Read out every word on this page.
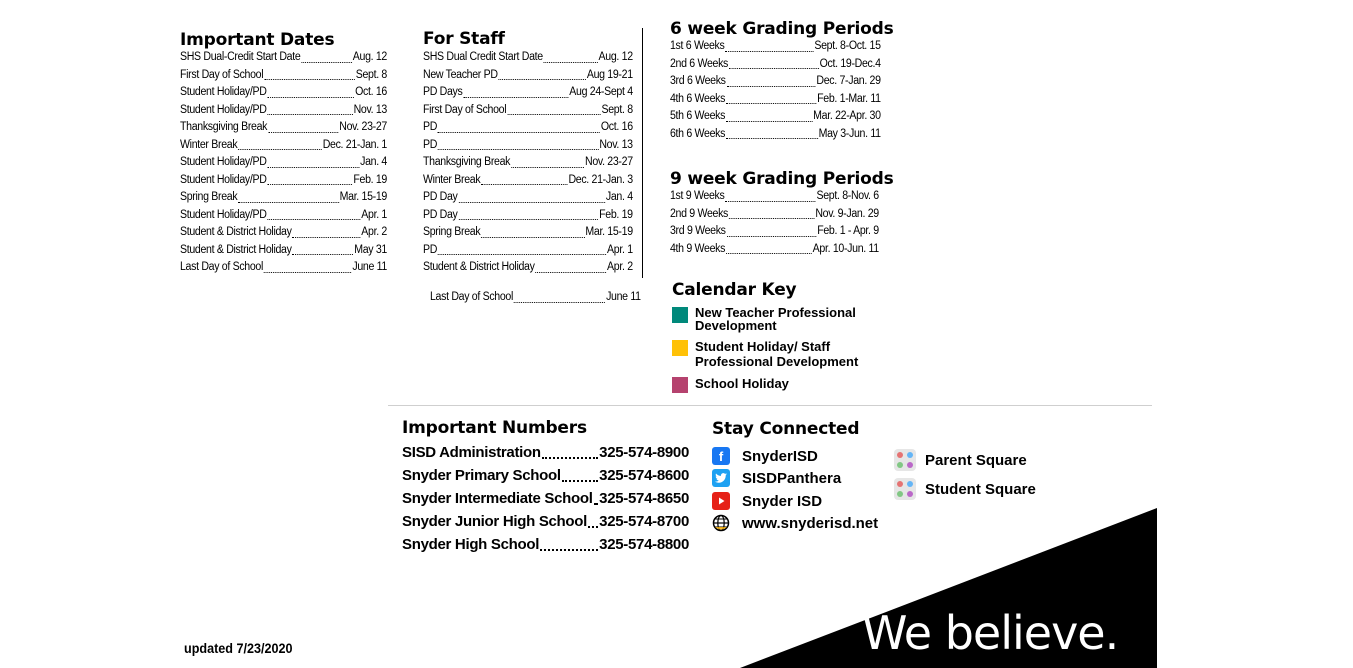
Important Dates
SHS Dual-Credit Start Date	Aug. 12
First Day of School	Sept. 8
Student Holiday/PD	Oct. 16
Student Holiday/PD	Nov. 13
Thanksgiving Break	Nov. 23-27
Winter Break	Dec. 21-Jan. 1
Student Holiday/PD	Jan. 4
Student Holiday/PD	Feb. 19
Spring Break	Mar. 15-19
Student Holiday/PD	Apr. 1
Student & District Holiday	Apr. 2
Student & District Holiday	May 31
Last Day of School	June 11
For Staff
SHS Dual Credit Start Date	Aug. 12
New Teacher PD	Aug 19-21
PD Days	Aug 24-Sept 4
First Day of School	Sept. 8
PD	Oct. 16
PD	Nov. 13
Thanksgiving Break	Nov. 23-27
Winter Break	Dec. 21-Jan. 3
PD Day	Jan. 4
PD Day	Feb. 19
Spring Break	Mar. 15-19
PD	Apr. 1
Student & District Holiday	Apr. 2
Last Day of School	June 11
6 week Grading Periods
1st 6 Weeks	Sept. 8-Oct. 15
2nd 6 Weeks	Oct. 19-Dec.4
3rd 6 Weeks	Dec. 7-Jan. 29
4th 6 Weeks	Feb. 1-Mar. 11
5th 6 Weeks	Mar. 22-Apr. 30
6th 6 Weeks	May 3-Jun. 11
9 week Grading Periods
1st 9 Weeks	Sept. 8-Nov. 6
2nd 9 Weeks	Nov. 9-Jan. 29
3rd 9 Weeks	Feb. 1 - Apr. 9
4th 9 Weeks	Apr. 10-Jun. 11
Calendar Key
New Teacher Professional
Development
Student Holiday/ Staff
Professional Development
School Holiday
Important Numbers
SISD Administration	325-574-8900
Snyder Primary School	325-574-8600
Snyder Intermediate School 325-574-8650
Snyder Junior High School 325-574-8700
Snyder High School	325-574-8800
Stay Connected
f	SnyderISD
SISDPanthera
Snyder ISD
www.snyderisd.net
Parent Square
Student Square
updated 7/23/2020	We believe.
